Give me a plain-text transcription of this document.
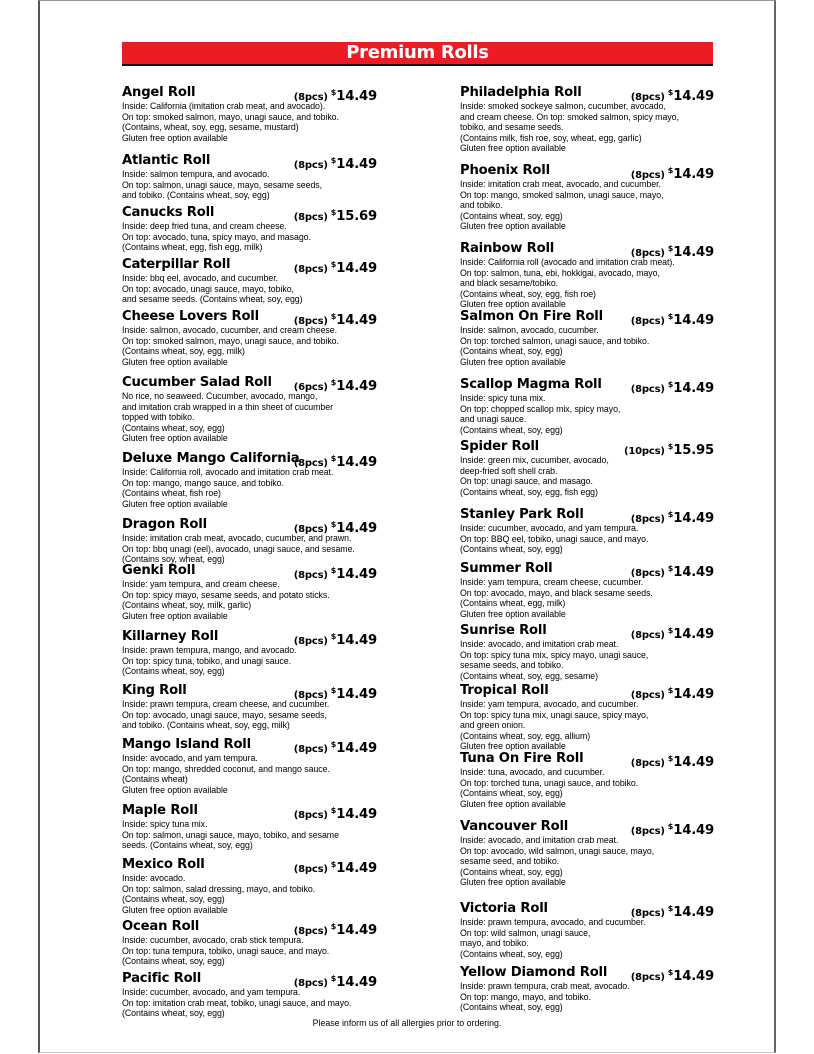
Premium Rolls
Angel Roll	(8pcs) $14.49
Inside: California (imitation crab meat, and avocado).
On top: smoked salmon, mayo, unagi sauce, and tobiko.
(Contains, wheat, soy, egg, sesame, mustard)
Gluten free option available
Atlantic Roll	(8pcs) $14.49
Inside: salmon tempura, and avocado.
On top: salmon, unagi sauce, mayo, sesame seeds,
and tobiko. (Contains wheat, soy, egg)
Canucks Roll	(8pcs) $15.69
Inside: deep fried tuna, and cream cheese.
On top: avocado, tuna, spicy mayo, and masago.
(Contains wheat, egg, fish egg, milk)
Caterpillar Roll	(8pcs) $14.49
Inside: bbq eel, avocado, and cucumber.
On top: avocado, unagi sauce, mayo, tobiko,
and sesame seeds. (Contains wheat, soy, egg)
Cheese Lovers Roll	(8pcs) $14.49
Inside: salmon, avocado, cucumber, and cream cheese.
On top: smoked salmon, mayo, unagi sauce, and tobiko.
(Contains wheat, soy, egg, milk)
Gluten free option available
Cucumber Salad Roll (6pcs) $14.49
No rice, no seaweed. Cucumber, avocado, mango,
and imitation crab wrapped in a thin sheet of cucumber
topped with tobiko.
(Contains wheat, soy, egg)
Gluten free option available
Deluxe Mango California
(8pcs) $14.49
Inside: California roll, avocado and imitation crab meat.
On top: mango, mango sauce, and tobiko.
(Contains wheat, fish roe)
Gluten free option available
Dragon Roll	(8pcs) $14.49
Inside: imitation crab meat, avocado, cucumber, and prawn.
On top: bbq unagi (eel), avocado, unagi sauce, and sesame.
(Contains soy, wheat, egg)
Genki Roll	(8pcs) $14.49
Inside: yam tempura, and cream cheese.
On top: spicy mayo, sesame seeds, and potato sticks.
(Contains wheat, soy, milk, garlic)
Gluten free option available
Killarney Roll	(8pcs) $14.49
Inside: prawn tempura, mango, and avocado.
On top: spicy tuna, tobiko, and unagi sauce.
(Contains wheat, soy, egg)
King Roll	(8pcs) $14.49
Inside: prawn tempura, cream cheese, and cucumber.
On top: avocado, unagi sauce, mayo, sesame seeds,
and tobiko. (Contains wheat, soy, egg, milk)
Mango Island Roll	(8pcs) $14.49
Inside: avocado, and yam tempura.
On top: mango, shredded coconut, and mango sauce.
(Contains wheat)
Gluten free option available
Maple Roll	(8pcs) $14.49
Inside: spicy tuna mix.
On top: salmon, unagi sauce, mayo, tobiko, and sesame
seeds. (Contains wheat, soy, egg)
Mexico Roll	(8pcs) $14.49
Inside: avocado.
On top: salmon, salad dressing, mayo, and tobiko.
(Contains wheat, soy, egg)
Gluten free option available
Ocean Roll	(8pcs) $14.49
Inside: cucumber, avocado, crab stick tempura.
On top: tuna tempura, tobiko, unagi sauce, and mayo.
(Contains wheat, soy, egg)
Pacific Roll	(8pcs) $14.49
Inside: cucumber, avocado, and yam tempura.
On top: imitation crab meat, tobiko, unagi sauce, and mayo.
(Contains wheat, soy, egg)
Philadelphia Roll	(8pcs) $14.49
Inside: smoked sockeye salmon, cucumber, avocado,
and cream cheese. On top: smoked salmon, spicy mayo,
tobiko, and sesame seeds.
(Contains milk, fish roe, soy, wheat, egg, garlic)
Gluten free option available
Phoenix Roll	(8pcs) $14.49
Inside: imitation crab meat, avocado, and cucumber.
On top: mango, smoked salmon, unagi sauce, mayo,
and tobiko.
(Contains wheat, soy, egg)
Gluten free option available
Rainbow Roll	(8pcs) $14.49
Inside: California roll (avocado and imitation crab meat).
On top: salmon, tuna, ebi, hokkigai, avocado, mayo,
and black sesame/tobiko.
(Contains wheat, soy, egg, fish roe)
Gluten free option available
Salmon On Fire Roll	(8pcs) $14.49
Inside: salmon, avocado, cucumber.
On top: torched salmon, unagi sauce, and tobiko.
(Contains wheat, soy, egg)
Gluten free option available
Scallop Magma Roll	(8pcs) $14.49
Inside: spicy tuna mix.
On top: chopped scallop mix, spicy mayo,
and unagi sauce.
(Contains wheat, soy, egg)
Spider Roll	(10pcs) $15.95
Inside: green mix, cucumber, avocado,
deep-fried soft shell crab.
On top: unagi sauce, and masago.
(Contains wheat, soy, egg, fish egg)
Stanley Park Roll	(8pcs) $14.49
Inside: cucumber, avocado, and yam tempura.
On top: BBQ eel, tobiko, unagi sauce, and mayo.
(Contains wheat, soy, egg)
Summer Roll	(8pcs) $14.49
Inside: yam tempura, cream cheese, cucumber.
On top: avocado, mayo, and black sesame seeds.
(Contains wheat, egg, milk)
Gluten free option available
Sunrise Roll	(8pcs) $14.49
Inside: avocado, and imitation crab meat.
On top: spicy tuna mix, spicy mayo, unagi sauce,
sesame seeds, and tobiko.
(Contains wheat, soy, egg, sesame)
Tropical Roll	(8pcs) $14.49
Inside: yam tempura, avocado, and cucumber.
On top: spicy tuna mix, unagi sauce, spicy mayo,
and green onion.
(Contains wheat, soy, egg, allium)
Gluten free option available
Tuna On Fire Roll	(8pcs) $14.49
Inside: tuna, avocado, and cucumber.
On top: torched tuna, unagi sauce, and tobiko.
(Contains wheat, soy, egg)
Gluten free option available
Vancouver Roll	(8pcs) $14.49
Inside: avocado, and imitation crab meat.
On top: avocado, wild salmon, unagi sauce, mayo,
sesame seed, and tobiko.
(Contains wheat, soy, egg)
Gluten free option available
Victoria Roll	(8pcs) $14.49
Inside: prawn tempura, avocado, and cucumber.
On top: wild salmon, unagi sauce,
mayo, and tobiko.
(Contains wheat, soy, egg)
Yellow Diamond Roll (8pcs) $14.49
Inside: prawn tempura, crab meat, avocado.
On top: mango, mayo, and tobiko.
(Contains wheat, soy, egg)
Please inform us of all allergies prior to ordering.
